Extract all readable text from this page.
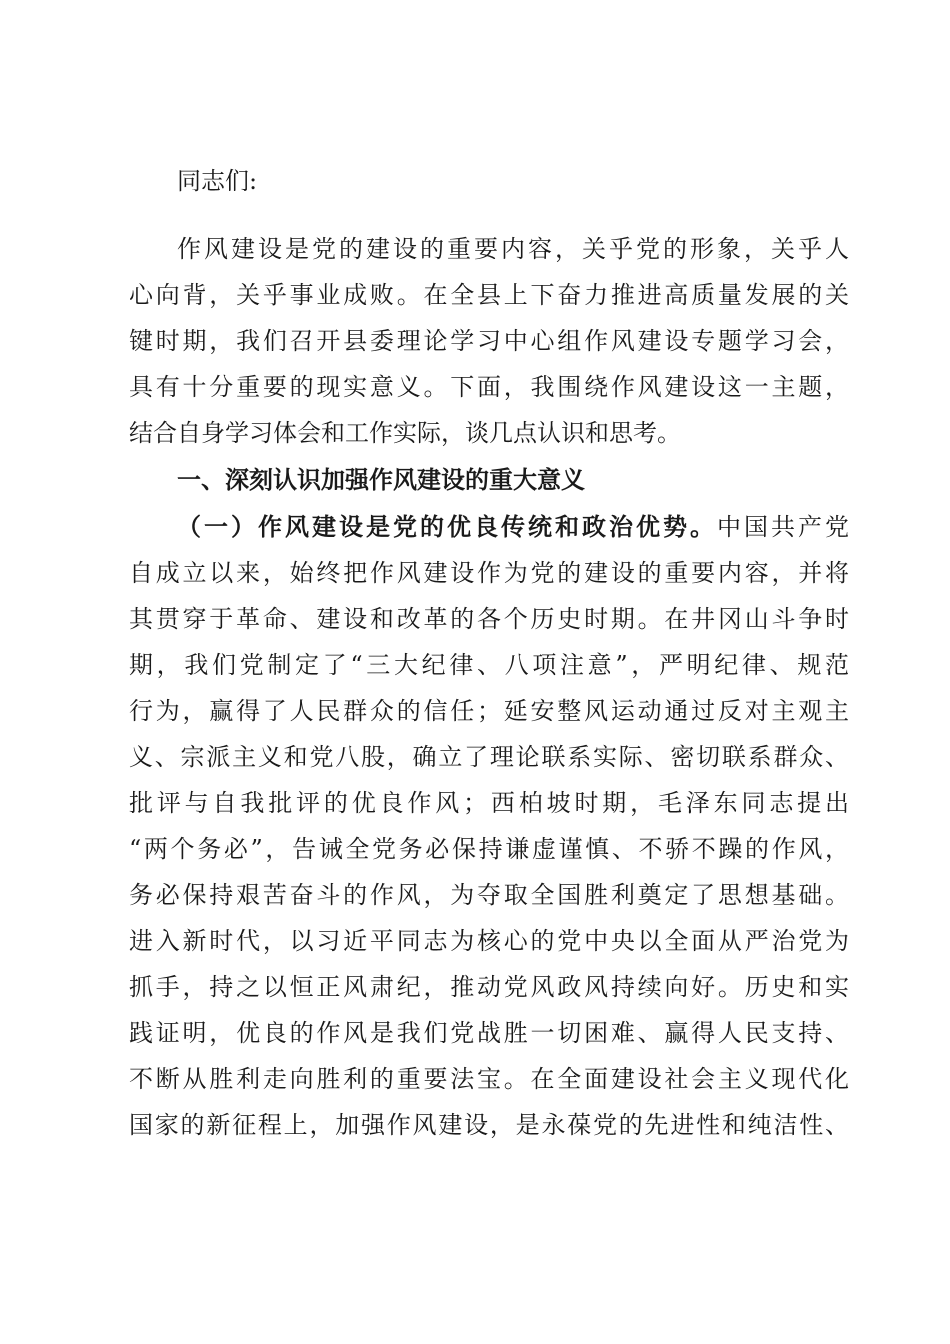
同志们:
作风建设是党的建设的重要内容，关乎党的形象，关乎人
心向背，关乎事业成败。在全县上下奋力推进高质量发展的关
键时期，我们召开县委理论学习中心组作风建设专题学习会，
具有十分重要的现实意义。下面，我围绕作风建设这一主题，
结合自身学习体会和工作实际，谈几点认识和思考。
一、深刻认识加强作风建设的重大意义
（一）作风建设是党的优良传统和政治优势。中国共产党
自成立以来，始终把作风建设作为党的建设的重要内容，并将
其贯穿于革命、建设和改革的各个历史时期。在井冈山斗争时
期，我们党制定了“三大纪律、八项注意”，严明纪律、规范
行为，赢得了人民群众的信任；延安整风运动通过反对主观主
义、宗派主义和党八股，确立了理论联系实际、密切联系群众、
批评与自我批评的优良作风；西柏坡时期，毛泽东同志提出
“两个务必”，告诫全党务必保持谦虚谨慎、不骄不躁的作风，
务必保持艰苦奋斗的作风，为夺取全国胜利奠定了思想基础。
进入新时代，以习近平同志为核心的党中央以全面从严治党为
抓手，持之以恒正风肃纪，推动党风政风持续向好。历史和实
践证明，优良的作风是我们党战胜一切困难、赢得人民支持、
不断从胜利走向胜利的重要法宝。在全面建设社会主义现代化
国家的新征程上，加强作风建设，是永葆党的先进性和纯洁性、
